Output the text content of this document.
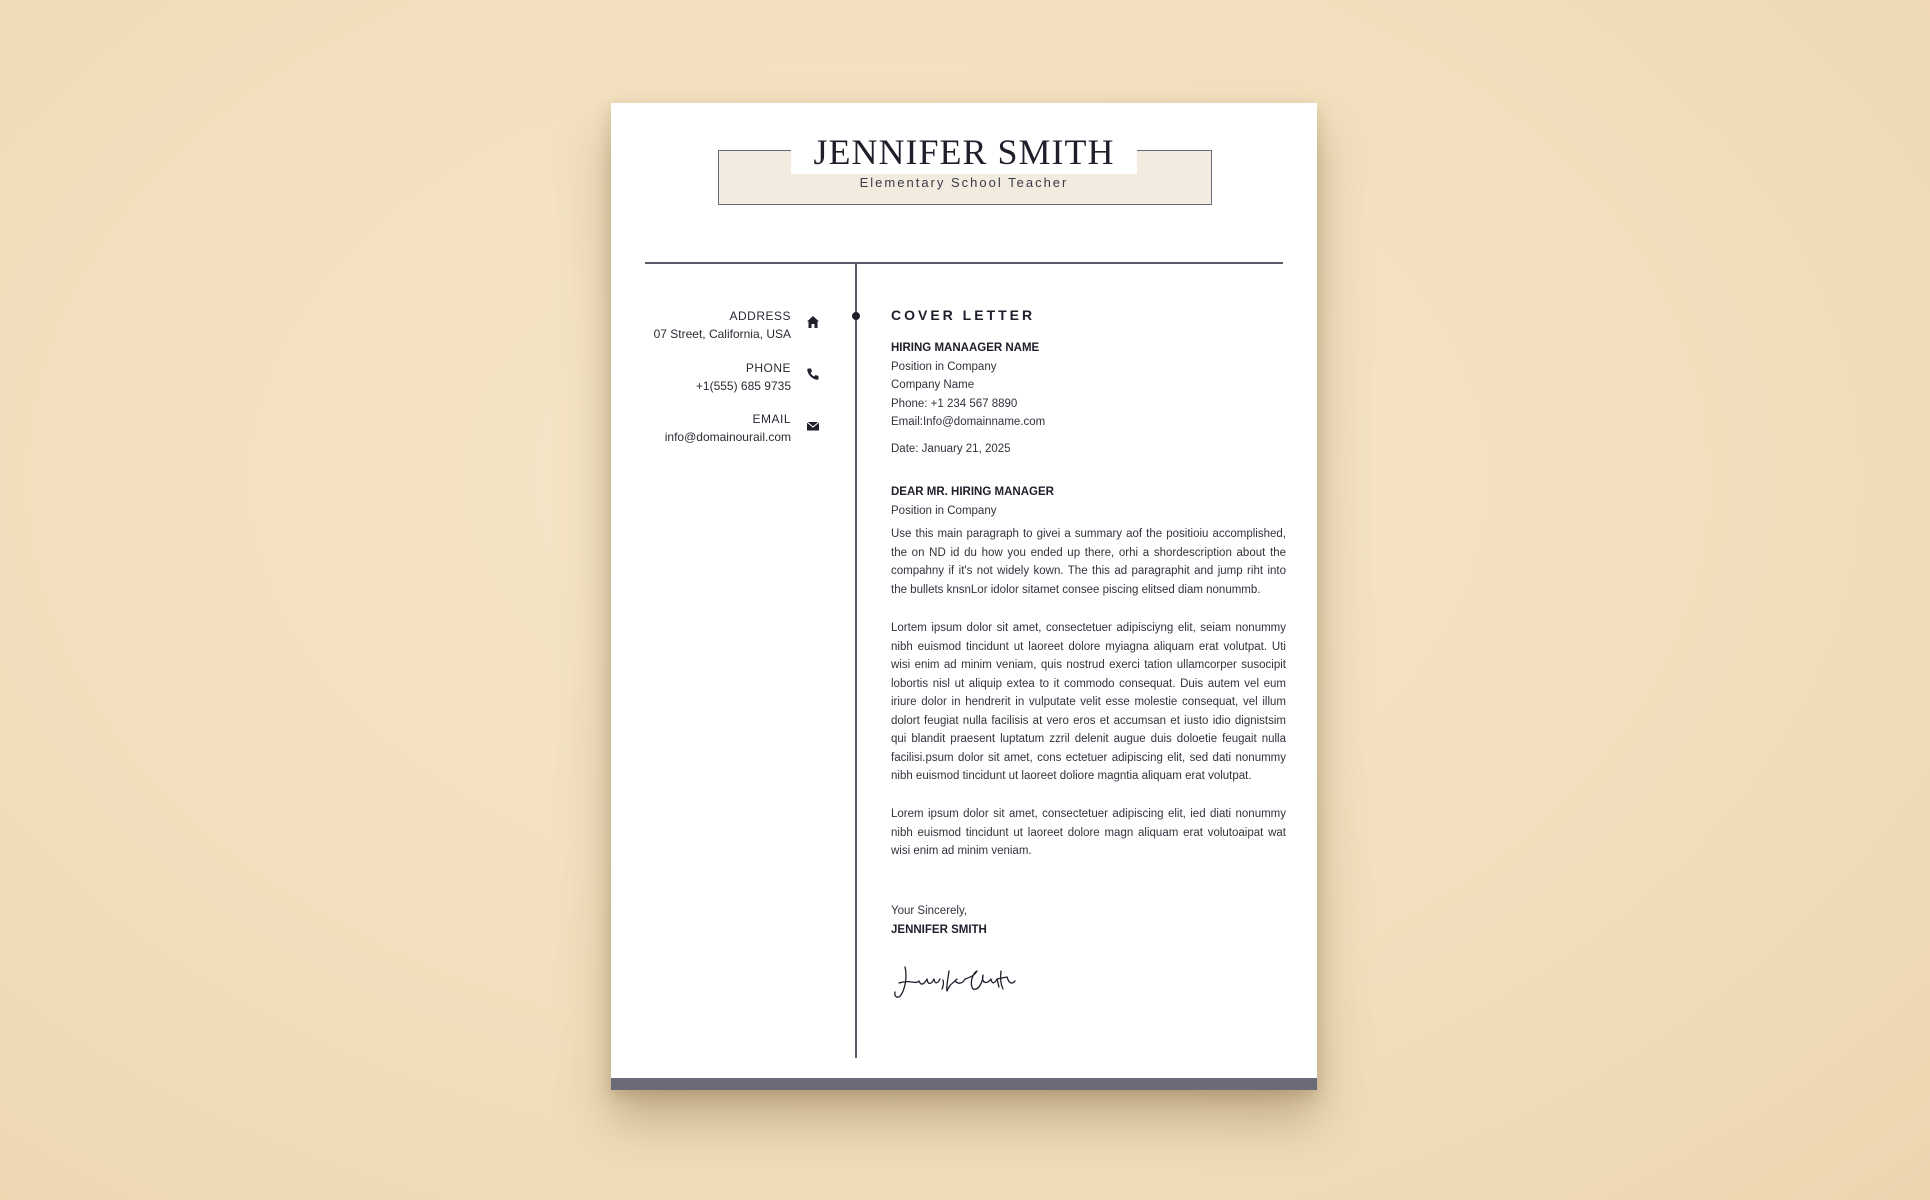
JENNIFER SMITH
Elementary School Teacher
ADDRESS
07 Street, California, USA
PHONE
+1(555) 685 9735
EMAIL
info@domainourail.com
COVER LETTER
HIRING MANAAGER NAME
Position in Company
Company Name
Phone: +1 234 567 8890
Email:Info@domainname.com
Date: January 21, 2025
DEAR MR. HIRING MANAGER
Position in Company

Use this main paragraph to givei a summary aof the positioiu accomplished, the on ND id du how you ended up there, orhi a shordescription about the compahny if it's not widely kown. The this ad paragraphit and jump riht into the bullets knsnLor idolor sitamet consee piscing elitsed diam nonummb.

Lortem ipsum dolor sit amet, consectetuer adipisciyng elit, seiam nonummy nibh euismod tincidunt ut laoreet dolore myiagna aliquam erat volutpat. Uti wisi enim ad minim veniam, quis nostrud exerci tation ullamcorper susocipit lobortis nisl ut aliquip extea to it commodo consequat. Duis autem vel eum iriure dolor in hendrerit in vulputate velit esse molestie consequat, vel illum dolort feugiat nulla facilisis at vero eros et accumsan et iusto idio dignistsim qui blandit praesent luptatum zzril delenit augue duis doloetie feugait nulla facilisi.psum dolor sit amet, cons ectetuer adipiscing elit, sed dati nonummy nibh euismod tincidunt ut laoreet doliore magntia aliquam erat volutpat.

Lorem ipsum dolor sit amet, consectetuer adipiscing elit, ied diati nonummy nibh euismod tincidunt ut laoreet dolore magn aliquam erat volutoaipat wat wisi enim ad minim veniam.

Your Sincerely,
JENNIFER SMITH
